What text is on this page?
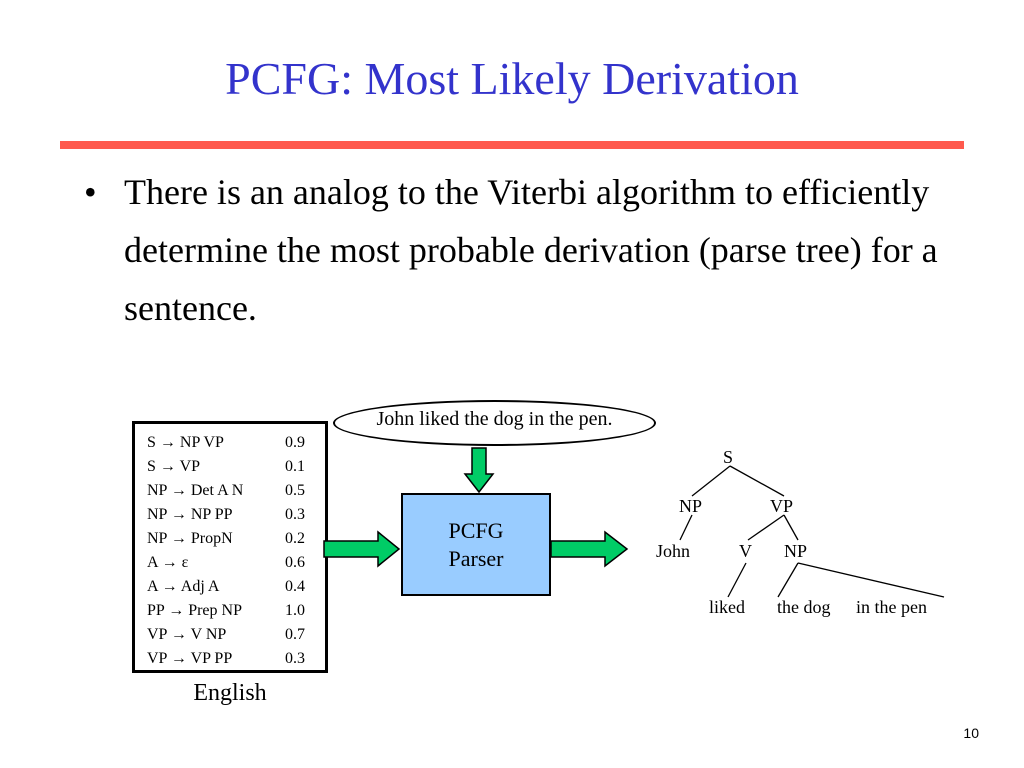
PCFG: Most Likely Derivation
• There is an analog to the Viterbi algorithm to efficiently determine the most probable derivation (parse tree) for a sentence.
S → NP VP	0.9
S → VP	0.1
NP → Det A N	0.5
NP → NP PP	0.3
NP → PropN	0.2
A → ε	0.6
A → Adj A	0.4
PP → Prep NP	1.0
VP → V NP	0.7
VP → VP PP	0.3
English
John liked the dog in the pen.
PCFG
Parser
S
NP	VP
John	V NP
liked the dog in the pen
10
